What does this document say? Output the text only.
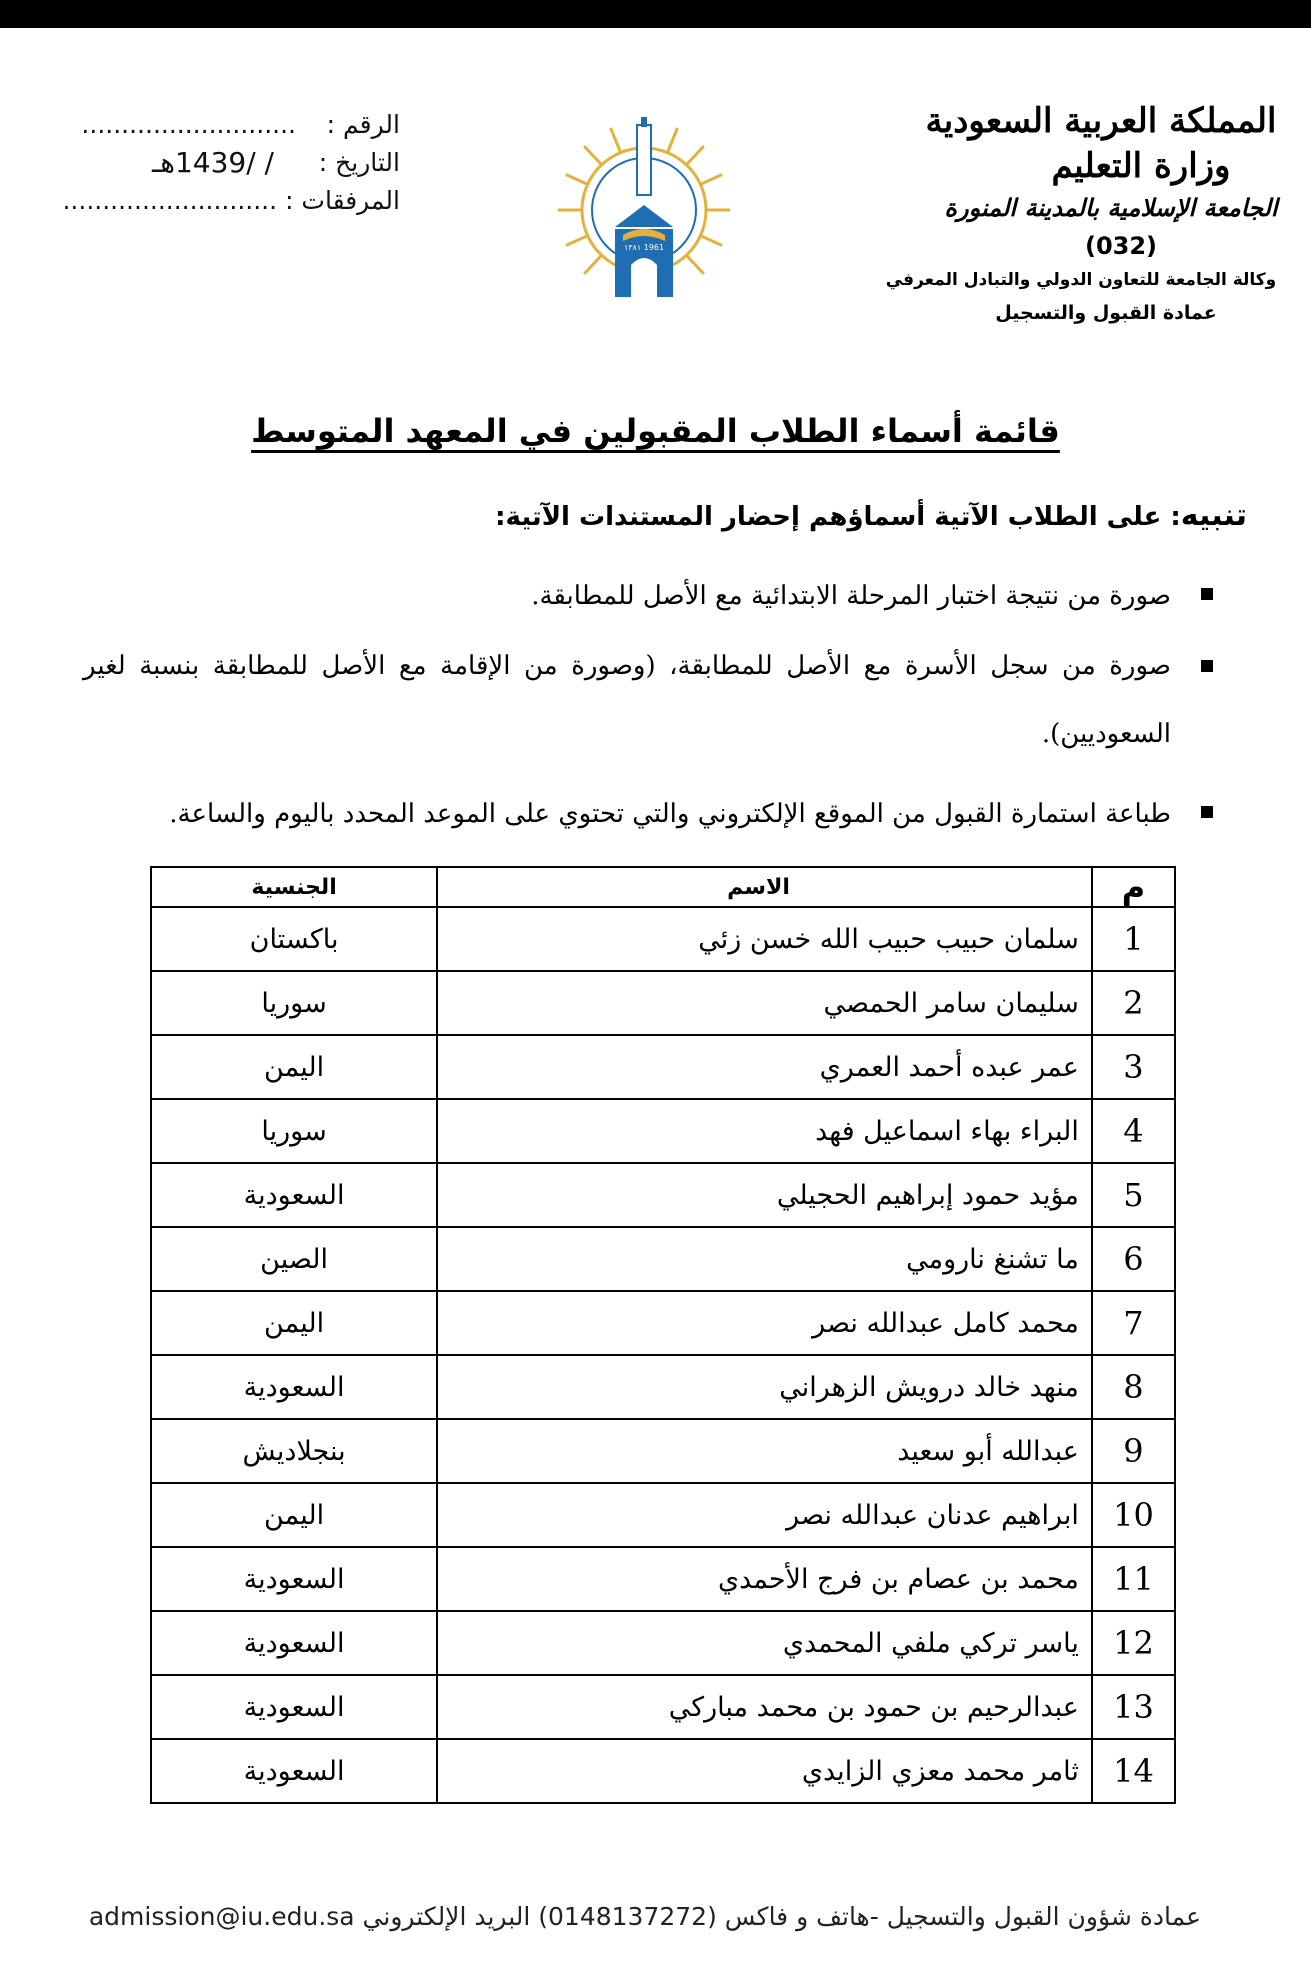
الرقم :
...........................
التاريخ :
/ /1439هـ
المرفقات :
...........................
١٣٨١ 1961
المملكة العربية السعودية
وزارة التعليم
الجامعة الإسلامية بالمدينة المنورة
(032)
وكالة الجامعة للتعاون الدولي والتبادل المعرفي
عمادة القبول والتسجيل
قائمة أسماء الطلاب المقبولين في المعهد المتوسط
تنبيه: على الطلاب الآتية أسماؤهم إحضار المستندات الآتية:
صورة من نتيجة اختبار المرحلة الابتدائية مع الأصل للمطابقة.
صورة من سجل الأسرة مع الأصل للمطابقة، (وصورة من الإقامة مع الأصل للمطابقة بنسبة لغير السعوديين).
طباعة استمارة القبول من الموقع الإلكتروني والتي تحتوي على الموعد المحدد باليوم والساعة.
م	الاسم	الجنسية
1	سلمان حبيب حبيب الله خسن زئي	باكستان
2	سليمان سامر الحمصي	سوريا
3	عمر عبده أحمد العمري	اليمن
4	البراء بهاء اسماعيل فهد	سوريا
5	مؤيد حمود إبراهيم الحجيلي	السعودية
6	ما تشنغ نارومي	الصين
7	محمد كامل عبدالله نصر	اليمن
8	منهد خالد درويش الزهراني	السعودية
9	عبدالله أبو سعيد	بنجلاديش
10	ابراهيم عدنان عبدالله نصر	اليمن
11	محمد بن عصام بن فرج الأحمدي	السعودية
12	ياسر تركي ملفي المحمدي	السعودية
13	عبدالرحيم بن حمود بن محمد مباركي	السعودية
14	ثامر محمد معزي الزايدي	السعودية
عمادة شؤون القبول والتسجيل -هاتف و فاكس (0148137272) البريد الإلكتروني admission@iu.edu.sa
